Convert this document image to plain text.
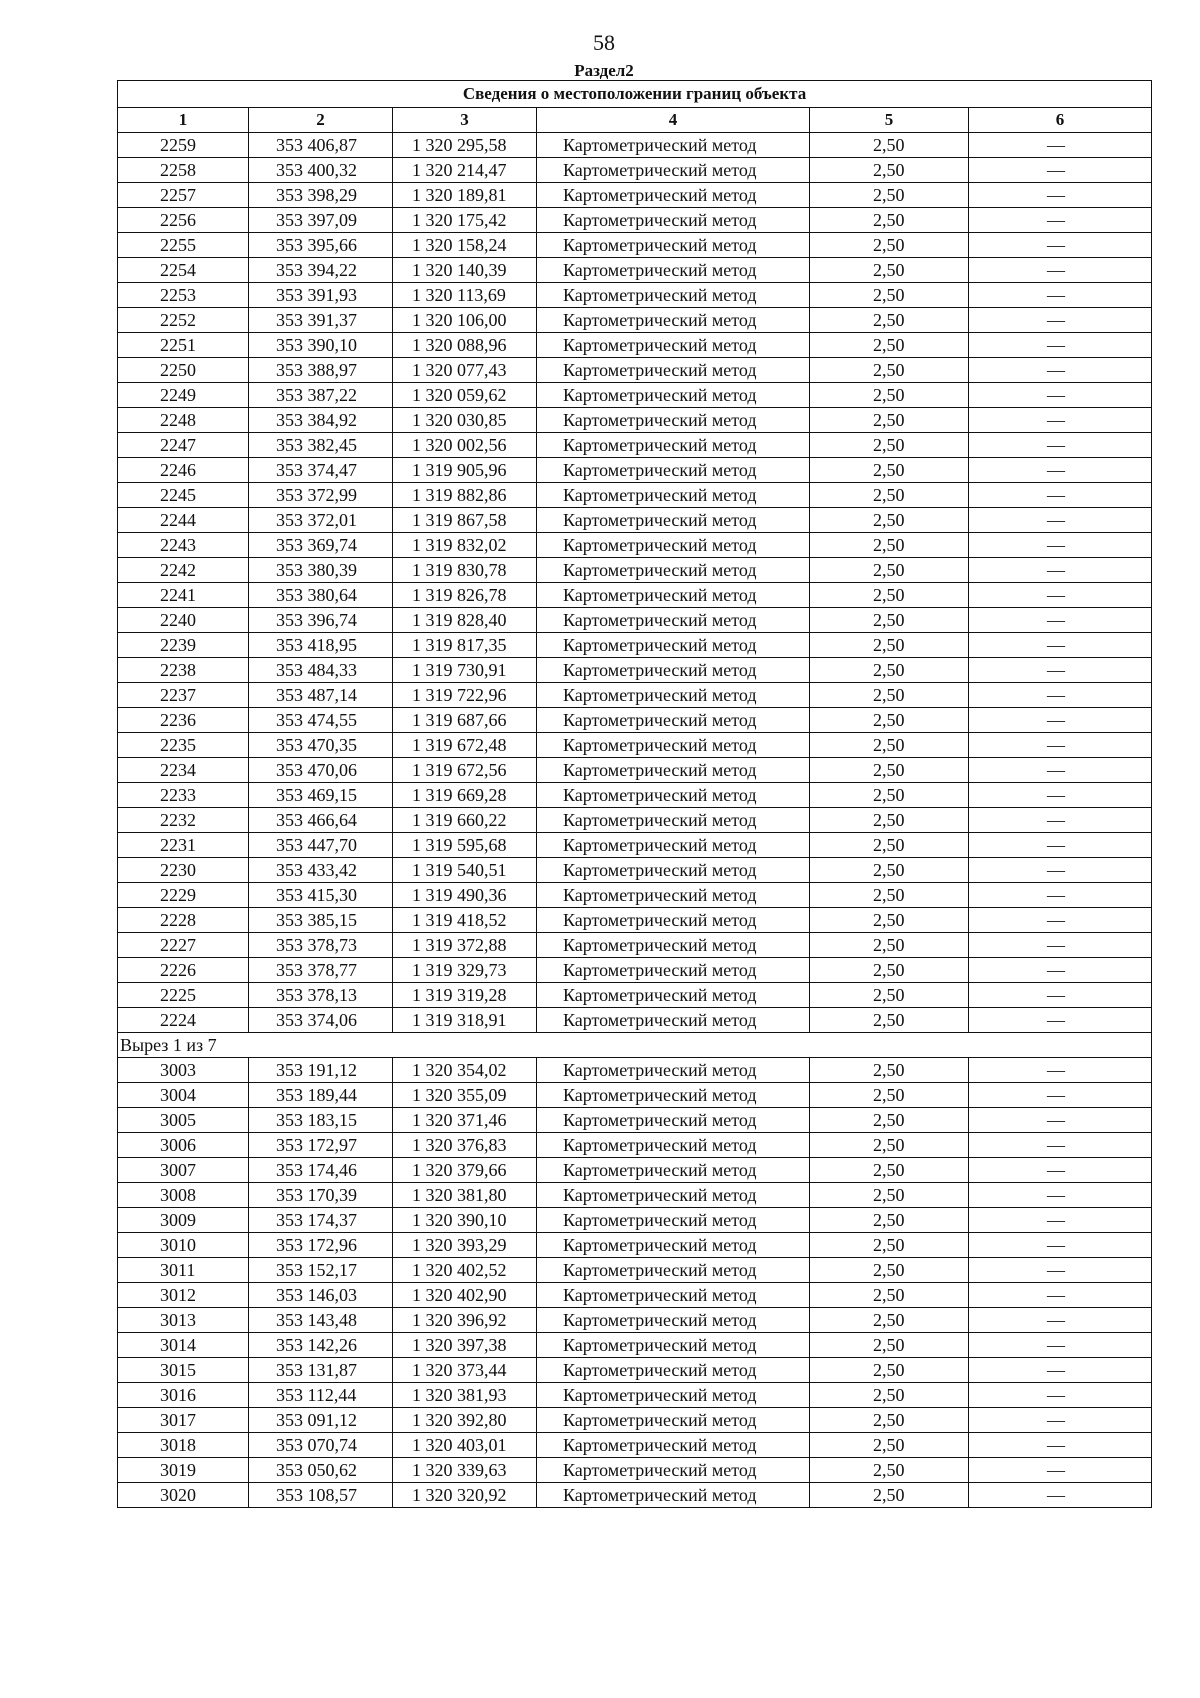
58
Раздел2
Сведения о местоположении границ объекта					
1	2	3	4	5	6
2259	353 406,87	1 320 295,58	Картометрический метод	2,50	—
2258	353 400,32	1 320 214,47	Картометрический метод	2,50	—
2257	353 398,29	1 320 189,81	Картометрический метод	2,50	—
2256	353 397,09	1 320 175,42	Картометрический метод	2,50	—
2255	353 395,66	1 320 158,24	Картометрический метод	2,50	—
2254	353 394,22	1 320 140,39	Картометрический метод	2,50	—
2253	353 391,93	1 320 113,69	Картометрический метод	2,50	—
2252	353 391,37	1 320 106,00	Картометрический метод	2,50	—
2251	353 390,10	1 320 088,96	Картометрический метод	2,50	—
2250	353 388,97	1 320 077,43	Картометрический метод	2,50	—
2249	353 387,22	1 320 059,62	Картометрический метод	2,50	—
2248	353 384,92	1 320 030,85	Картометрический метод	2,50	—
2247	353 382,45	1 320 002,56	Картометрический метод	2,50	—
2246	353 374,47	1 319 905,96	Картометрический метод	2,50	—
2245	353 372,99	1 319 882,86	Картометрический метод	2,50	—
2244	353 372,01	1 319 867,58	Картометрический метод	2,50	—
2243	353 369,74	1 319 832,02	Картометрический метод	2,50	—
2242	353 380,39	1 319 830,78	Картометрический метод	2,50	—
2241	353 380,64	1 319 826,78	Картометрический метод	2,50	—
2240	353 396,74	1 319 828,40	Картометрический метод	2,50	—
2239	353 418,95	1 319 817,35	Картометрический метод	2,50	—
2238	353 484,33	1 319 730,91	Картометрический метод	2,50	—
2237	353 487,14	1 319 722,96	Картометрический метод	2,50	—
2236	353 474,55	1 319 687,66	Картометрический метод	2,50	—
2235	353 470,35	1 319 672,48	Картометрический метод	2,50	—
2234	353 470,06	1 319 672,56	Картометрический метод	2,50	—
2233	353 469,15	1 319 669,28	Картометрический метод	2,50	—
2232	353 466,64	1 319 660,22	Картометрический метод	2,50	—
2231	353 447,70	1 319 595,68	Картометрический метод	2,50	—
2230	353 433,42	1 319 540,51	Картометрический метод	2,50	—
2229	353 415,30	1 319 490,36	Картометрический метод	2,50	—
2228	353 385,15	1 319 418,52	Картометрический метод	2,50	—
2227	353 378,73	1 319 372,88	Картометрический метод	2,50	—
2226	353 378,77	1 319 329,73	Картометрический метод	2,50	—
2225	353 378,13	1 319 319,28	Картометрический метод	2,50	—
2224	353 374,06	1 319 318,91	Картометрический метод	2,50	—
Вырез 1 из 7					
3003	353 191,12	1 320 354,02	Картометрический метод	2,50	—
3004	353 189,44	1 320 355,09	Картометрический метод	2,50	—
3005	353 183,15	1 320 371,46	Картометрический метод	2,50	—
3006	353 172,97	1 320 376,83	Картометрический метод	2,50	—
3007	353 174,46	1 320 379,66	Картометрический метод	2,50	—
3008	353 170,39	1 320 381,80	Картометрический метод	2,50	—
3009	353 174,37	1 320 390,10	Картометрический метод	2,50	—
3010	353 172,96	1 320 393,29	Картометрический метод	2,50	—
3011	353 152,17	1 320 402,52	Картометрический метод	2,50	—
3012	353 146,03	1 320 402,90	Картометрический метод	2,50	—
3013	353 143,48	1 320 396,92	Картометрический метод	2,50	—
3014	353 142,26	1 320 397,38	Картометрический метод	2,50	—
3015	353 131,87	1 320 373,44	Картометрический метод	2,50	—
3016	353 112,44	1 320 381,93	Картометрический метод	2,50	—
3017	353 091,12	1 320 392,80	Картометрический метод	2,50	—
3018	353 070,74	1 320 403,01	Картометрический метод	2,50	—
3019	353 050,62	1 320 339,63	Картометрический метод	2,50	—
3020	353 108,57	1 320 320,92	Картометрический метод	2,50	—
